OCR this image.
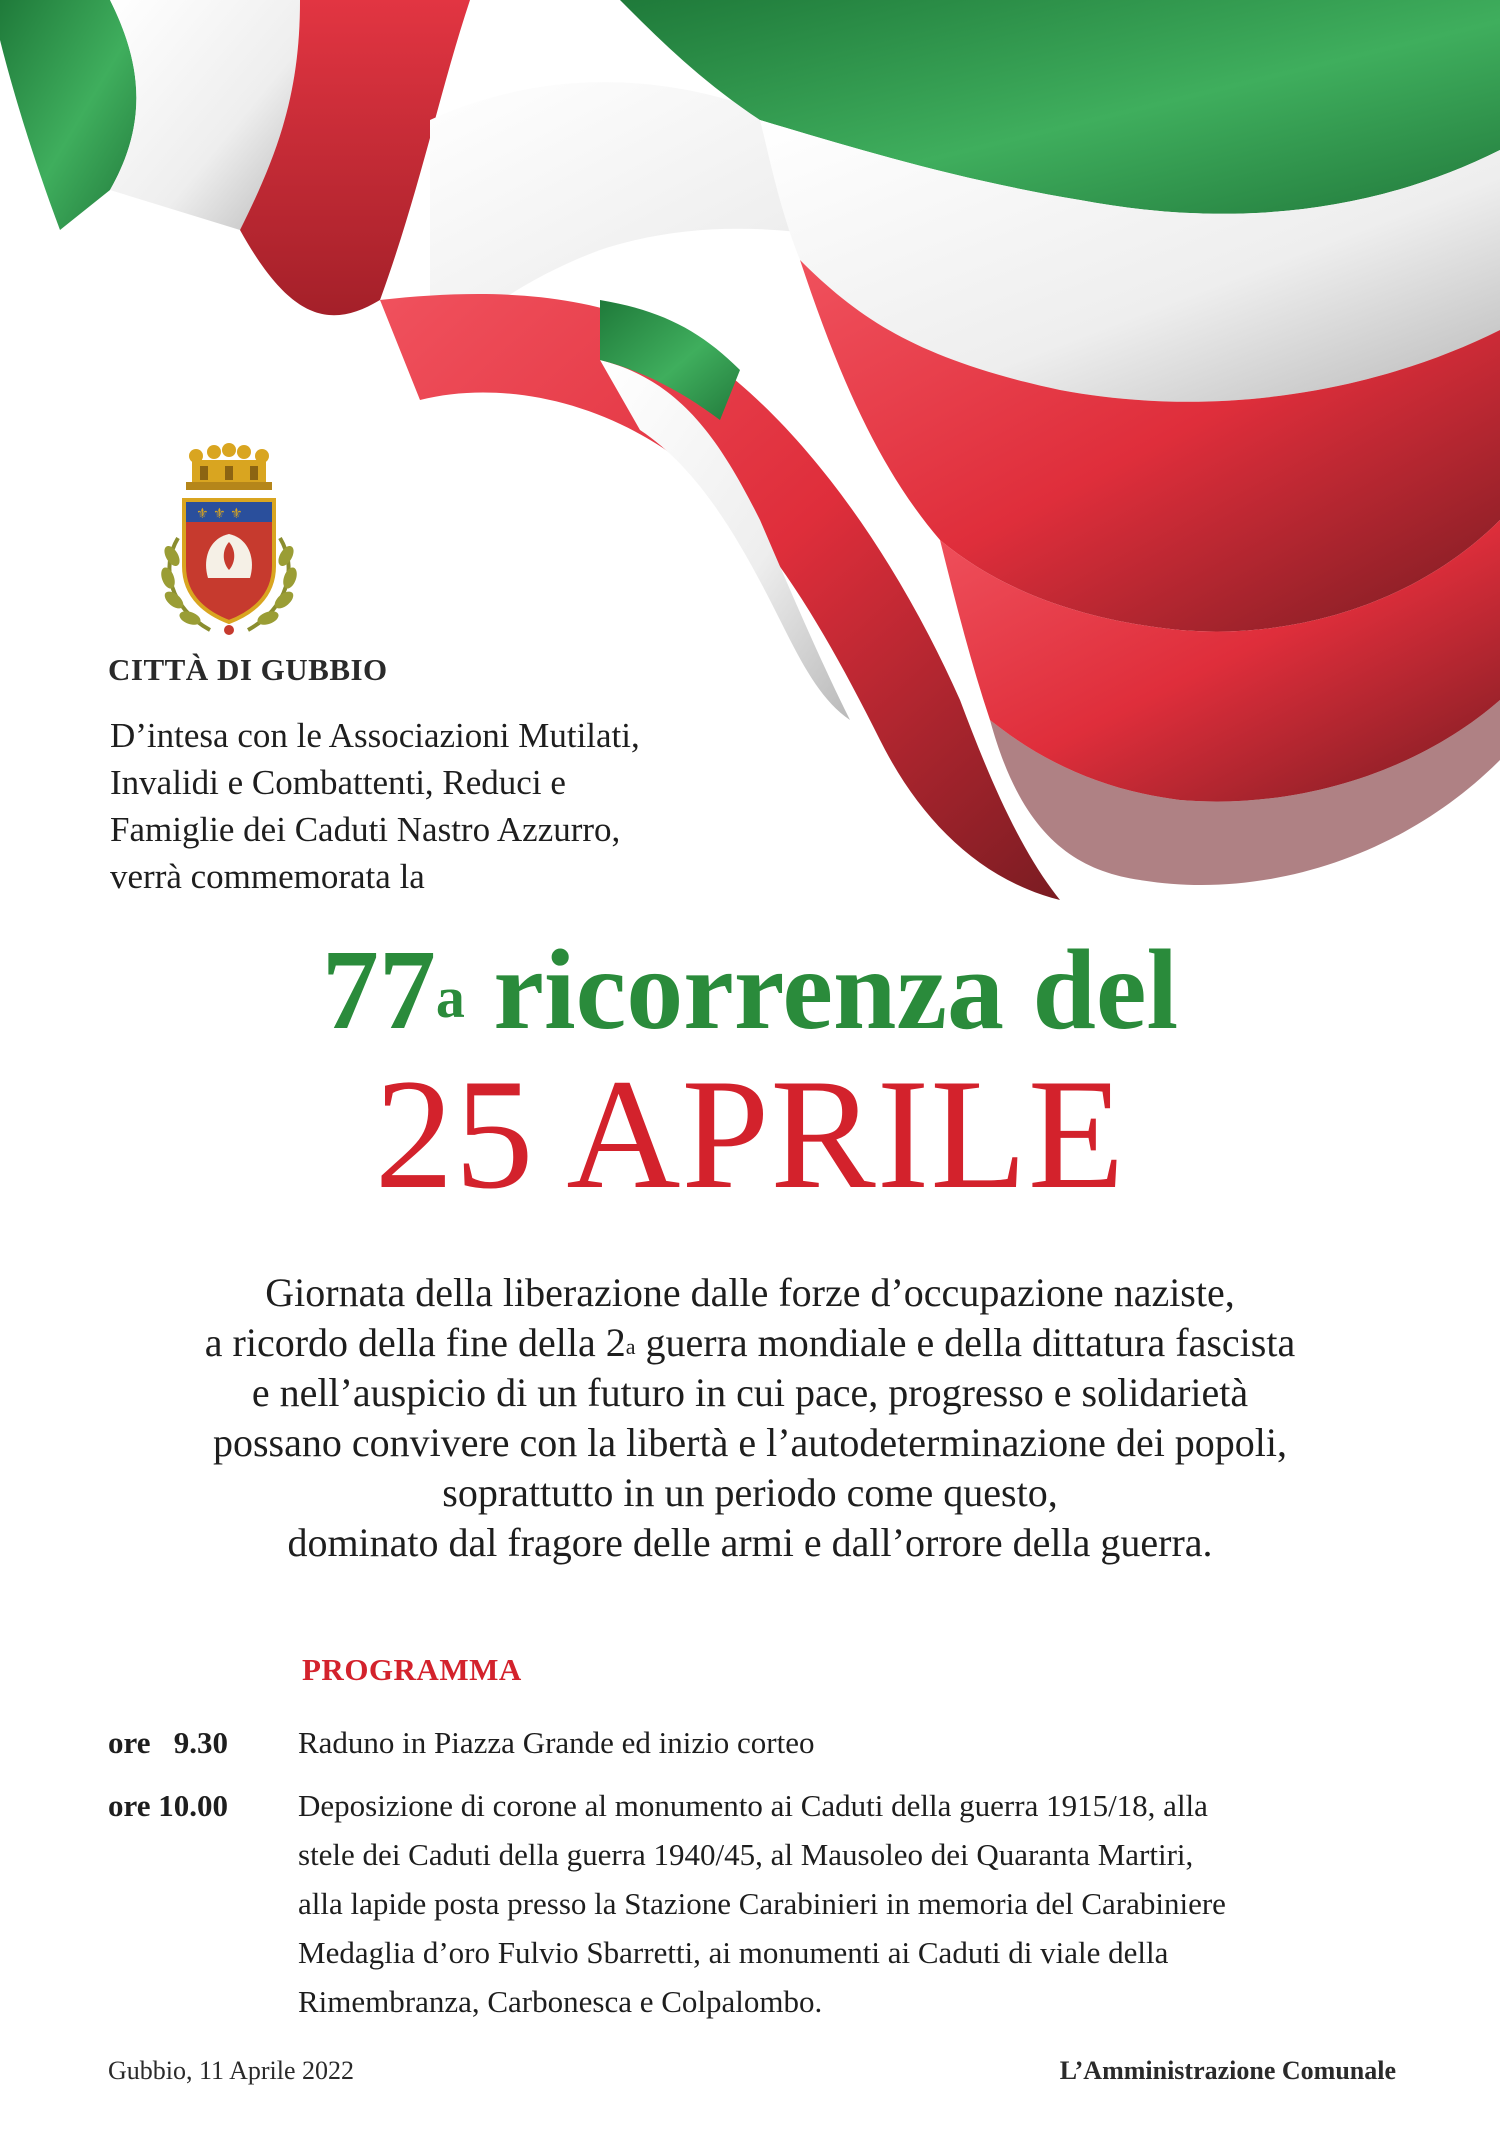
⚜ ⚜ ⚜
CITTÀ DI GUBBIO
D’intesa con le Associazioni Mutilati,
Invalidi e Combattenti, Reduci e
Famiglie dei Caduti Nastro Azzurro,
verrà commemorata la
77$^a$ ricorrenza del
25 APRILE
Giornata della liberazione dalle forze d’occupazione naziste,
a ricordo della fine della 2$^a$ guerra mondiale e della dittatura fascista
e nell’auspicio di un futuro in cui pace, progresso e solidarietà
possano convivere con la libertà e l’autodeterminazione dei popoli,
soprattutto in un periodo come questo,
dominato dal fragore delle armi e dall’orrore della guerra.
PROGRAMMA
ore   9.30	Raduno in Piazza Grande ed inizio corteo
ore 10.00	Deposizione di corone al monumento ai Caduti della guerra 1915/18, alla
stele dei Caduti della guerra 1940/45, al Mausoleo dei Quaranta Martiri,
alla lapide posta presso la Stazione Carabinieri in memoria del Carabiniere
Medaglia d’oro Fulvio Sbarretti, ai monumenti ai Caduti di viale della
Rimembranza, Carbonesca e Colpalombo.
Gubbio, 11 Aprile 2022	L’Amministrazione Comunale
